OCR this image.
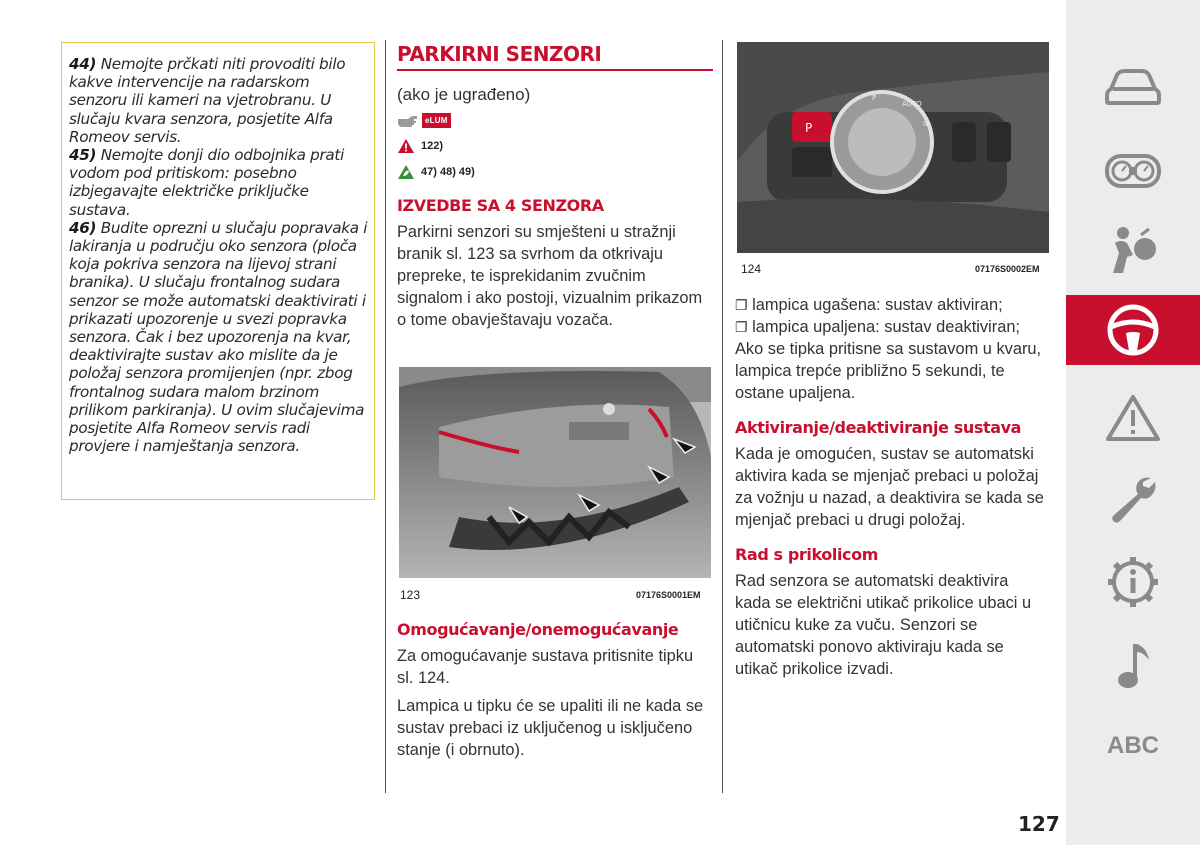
44) Nemojte prčkati niti provoditi bilo kakve intervencije na radarskom senzoru ili kameri na vjetrobranu. U slučaju kvara senzora, posjetite Alfa Romeov servis.

45) Nemojte donji dio odbojnika prati vodom pod pritiskom: posebno izbjegavajte električke priključke sustava.

46) Budite oprezni u slučaju popravaka i lakiranja u području oko senzora (ploča koja pokriva senzora na lijevoj strani branika). U slučaju frontalnog sudara senzor se može automatski deaktivirati i prikazati upozorenje u svezi popravka senzora. Čak i bez upozorenja na kvar, deaktivirajte sustav ako mislite da je položaj senzora promijenjen (npr. zbog frontalnog sudara malom brzinom prilikom parkiranja). U ovim slučajevima posjetite Alfa Romeov servis radi provjere i namještanja senzora.

PARKIRNI SENZORI
(ako je ugrađeno)
eLUM
122)
47) 48) 49)
IZVEDBE SA 4 SENZORA
Parkirni senzori su smješteni u stražnji branik sl. 123 sa svrhom da otkrivaju prepreke, te isprekidanim zvučnim signalom i ako postoji, vizualnim prikazom o tome obavještavaju vozača.
123	07176S0001EM
Omogućavanje/onemogućavanje
Za omogućavanje sustava pritisnite tipku sl. 124.
Lampica u tipku će se upaliti ili ne kada se sustav prebaci iz uključenog u isključeno stanje (i obrnuto).
P
P
AUTO
ID
124	07176S0002EM
❐ lampica ugašena: sustav aktiviran;
❐ lampica upaljena: sustav deaktiviran;
Ako se tipka pritisne sa sustavom u kvaru, lampica trepće približno 5 sekundi, te ostane upaljena.
Aktiviranje/deaktiviranje sustava
Kada je omogućen, sustav se automatski aktivira kada se mjenjač prebaci u položaj za vožnju u nazad, a deaktivira se kada se mjenjač prebaci u drugi položaj.
Rad s prikolicom
Rad senzora se automatski deaktivira kada se električni utikač prikolice ubaci u utičnicu kuke za vuču. Senzori se automatski ponovo aktiviraju kada se utikač prikolice izvadi.
ABC
127
